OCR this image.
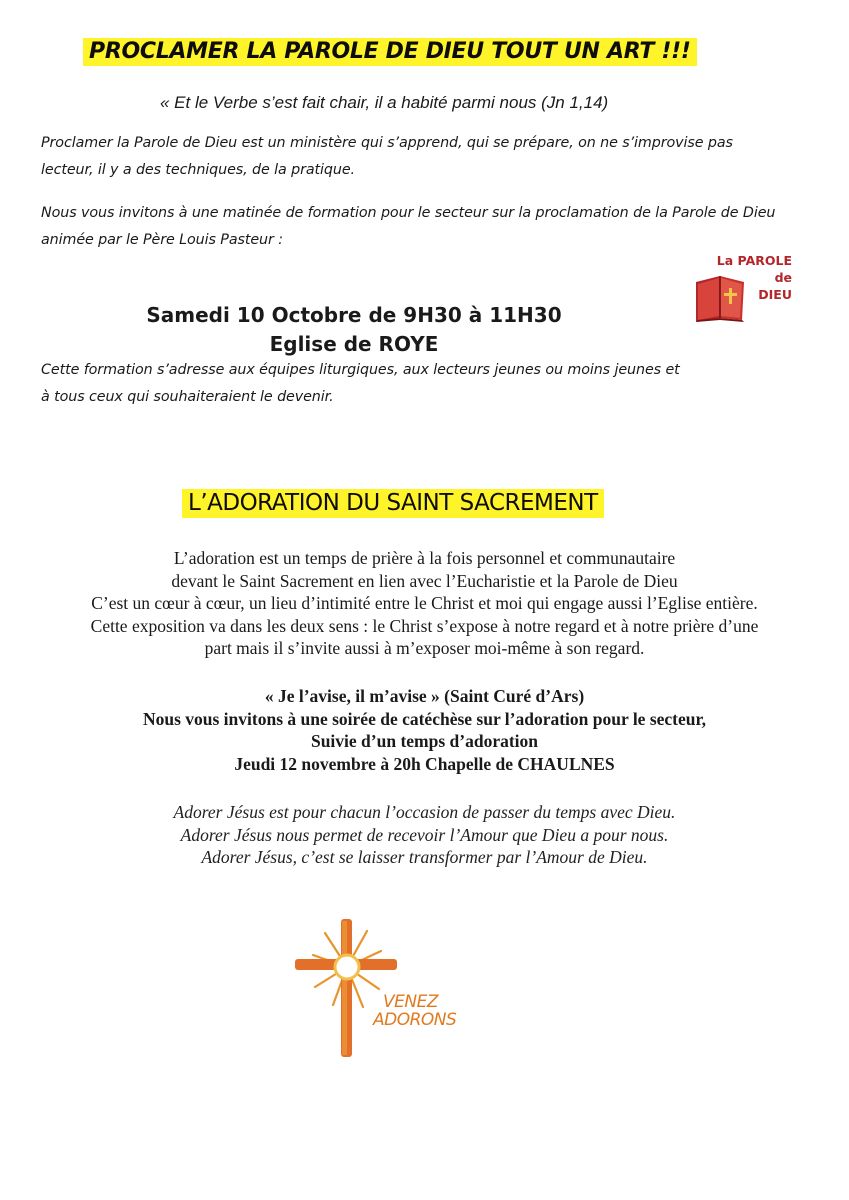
PROCLAMER LA PAROLE DE DIEU TOUT UN ART !!!
« Et le Verbe s’est fait chair, il a habité parmi nous (Jn 1,14)
Proclamer la Parole de Dieu est un ministère qui s’apprend, qui se prépare, on ne s’improvise pas lecteur, il y a des techniques, de la pratique.
Nous vous invitons à une matinée de formation pour le secteur sur la proclamation de la Parole de Dieu animée par le Père Louis Pasteur :
La PAROLE
de
DIEU
Samedi 10 Octobre de 9H30 à 11H30
Eglise de ROYE
Cette formation s’adresse aux équipes liturgiques, aux lecteurs jeunes ou moins jeunes et à tous ceux qui souhaiteraient le devenir.
L’ADORATION DU SAINT SACREMENT
L’adoration est un temps de prière à la fois personnel et communautaire
devant le Saint Sacrement en lien avec l’Eucharistie et la Parole de Dieu
C’est un cœur à cœur, un lieu d’intimité entre le Christ et moi qui engage aussi l’Eglise entière.
Cette exposition va dans les deux sens : le Christ s’expose à notre regard et à notre prière d’une
part mais il s’invite aussi à m’exposer moi-même à son regard.
« Je l’avise, il m’avise » (Saint Curé d’Ars)
Nous vous invitons à une soirée de catéchèse sur l’adoration pour le secteur,
Suivie d’un temps d’adoration
Jeudi 12 novembre à 20h Chapelle de CHAULNES
Adorer Jésus est pour chacun l’occasion de passer du temps avec Dieu.
Adorer Jésus nous permet de recevoir l’Amour que Dieu a pour nous.
Adorer Jésus, c’est se laisser transformer par l’Amour de Dieu.
VENEZ
ADORONS
